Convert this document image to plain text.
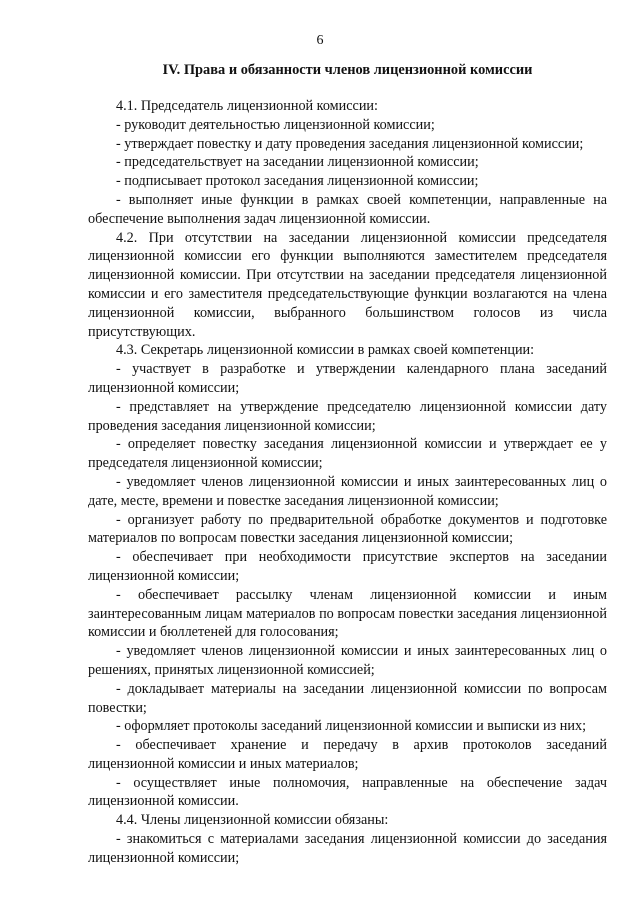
6
IV. Права и обязанности членов лицензионной комиссии

4.1. Председатель лицензионной комиссии:

- руководит деятельностью лицензионной комиссии;

- утверждает повестку и дату проведения заседания лицензионной комиссии;

- председательствует на заседании лицензионной комиссии;

- подписывает протокол заседания лицензионной комиссии;

- выполняет иные функции в рамках своей компетенции, направленные на обеспечение выполнения задач лицензионной комиссии.

4.2. При отсутствии на заседании лицензионной комиссии председателя лицензионной комиссии его функции выполняются заместителем председателя лицензионной комиссии. При отсутствии на заседании председателя лицензионной комиссии и его заместителя председательствующие функции возлагаются на члена лицензионной комиссии, выбранного большинством голосов из числа присутствующих.

4.3. Секретарь лицензионной комиссии в рамках своей компетенции:

- участвует в разработке и утверждении календарного плана заседаний лицензионной комиссии;

- представляет на утверждение председателю лицензионной комиссии дату проведения заседания лицензионной комиссии;

- определяет повестку заседания лицензионной комиссии и утверждает ее у председателя лицензионной комиссии;

- уведомляет членов лицензионной комиссии и иных заинтересованных лиц о дате, месте, времени и повестке заседания лицензионной комиссии;

- организует работу по предварительной обработке документов и подготовке материалов по вопросам повестки заседания лицензионной комиссии;

- обеспечивает при необходимости присутствие экспертов на заседании лицензионной комиссии;

- обеспечивает рассылку членам лицензионной комиссии и иным заинтересованным лицам материалов по вопросам повестки заседания лицензионной комиссии и бюллетеней для голосования;

- уведомляет членов лицензионной комиссии и иных заинтересованных лиц о решениях, принятых лицензионной комиссией;

- докладывает материалы на заседании лицензионной комиссии по вопросам повестки;

- оформляет протоколы заседаний лицензионной комиссии и выписки из них;

- обеспечивает хранение и передачу в архив протоколов заседаний лицензионной комиссии и иных материалов;

- осуществляет иные полномочия, направленные на обеспечение задач лицензионной комиссии.

4.4. Члены лицензионной комиссии обязаны:

- знакомиться с материалами заседания лицензионной комиссии до заседания лицензионной комиссии;
